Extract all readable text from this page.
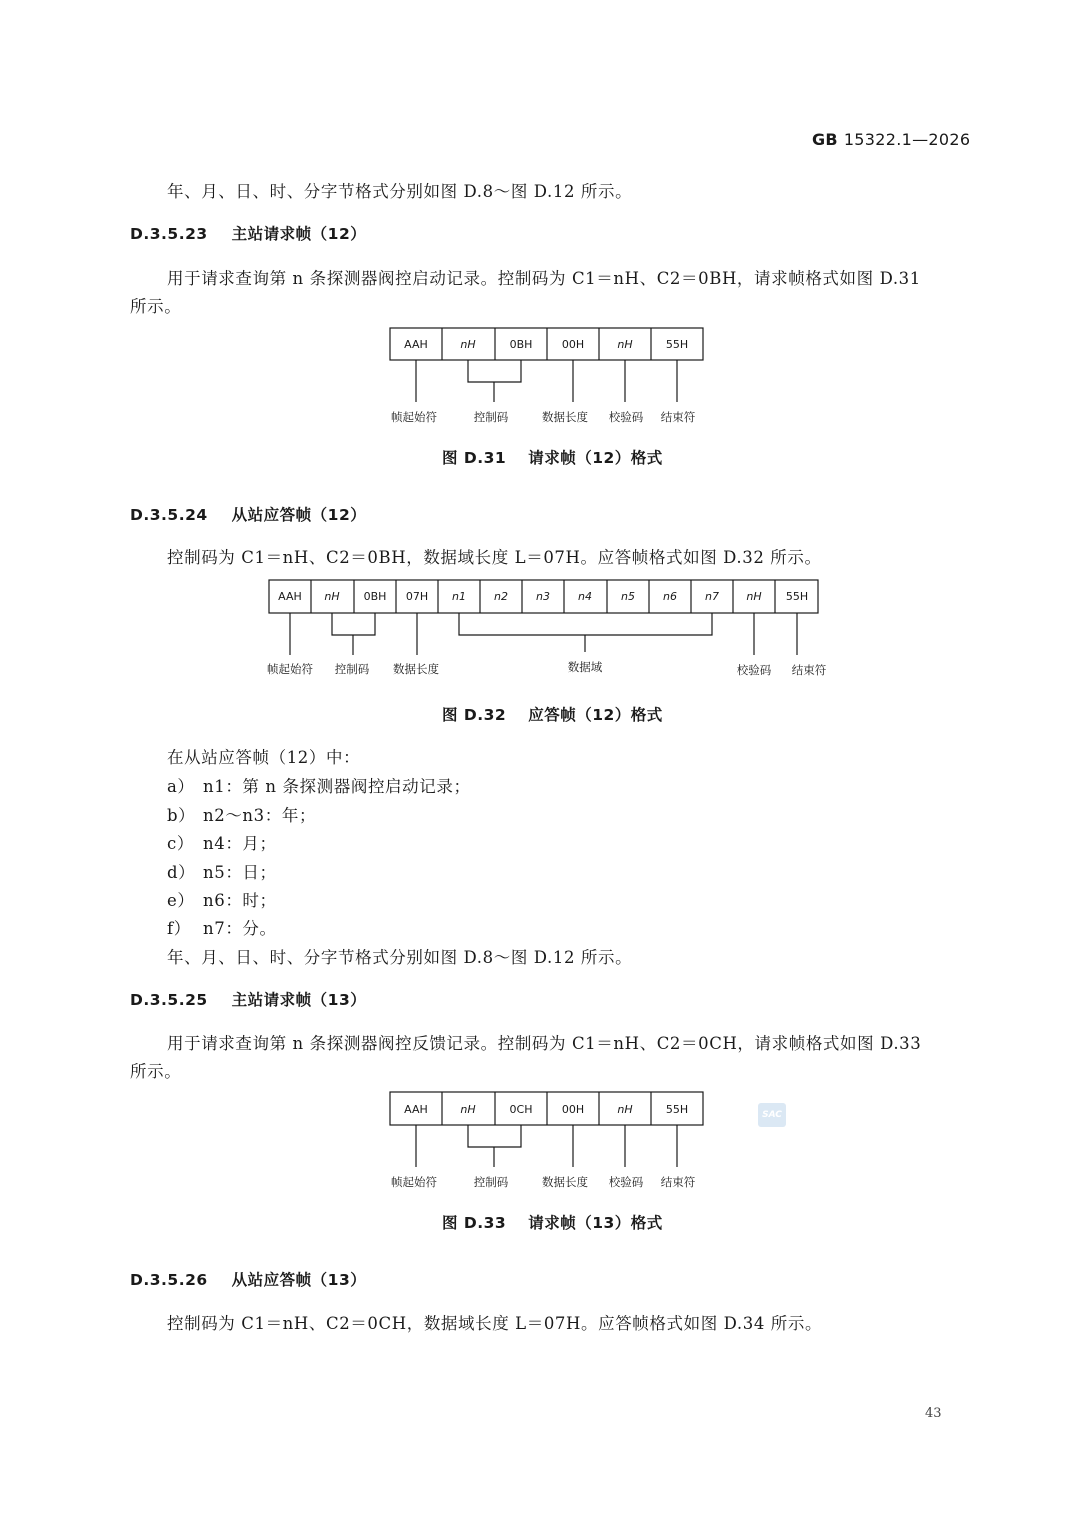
GB 15322.1—2026
年、月、日、时、分字节格式分别如图 D.8～图 D.12 所示。
D.3.5.23 主站请求帧（12）
用于请求查询第 n 条探测器阀控启动记录。控制码为 C1＝nH、C2＝0BH，请求帧格式如图 D.31
所示。
AAH	nH	0BH	00H	nH	55H
帧起始符	控制码	数据长度 校验码 结束符
AAH nH 0BH 07H n1	n2	n3	n4	n5	n6	n7 nH 55H
帧起始符 控制码 数据长度	数据域	校验码 结束符
AAH	nH	0CH	00H	nH	55H
帧起始符	控制码	数据长度 校验码 结束符
图 D.31 请求帧（12）格式
D.3.5.24 从站应答帧（12）
控制码为 C1＝nH、C2＝0BH，数据域长度 L＝07H。应答帧格式如图 D.32 所示。
图 D.32 应答帧（12）格式
在从站应答帧（12）中：
a） n1：第 n 条探测器阀控启动记录；
b） n2～n3：年；
c） n4：月；
d） n5：日；
e） n6：时；
f） n7：分。
年、月、日、时、分字节格式分别如图 D.8～图 D.12 所示。
D.3.5.25 主站请求帧（13）
用于请求查询第 n 条探测器阀控反馈记录。控制码为 C1＝nH、C2＝0CH，请求帧格式如图 D.33
所示。
SAC
图 D.33 请求帧（13）格式
D.3.5.26 从站应答帧（13）
控制码为 C1＝nH、C2＝0CH，数据域长度 L＝07H。应答帧格式如图 D.34 所示。
43
